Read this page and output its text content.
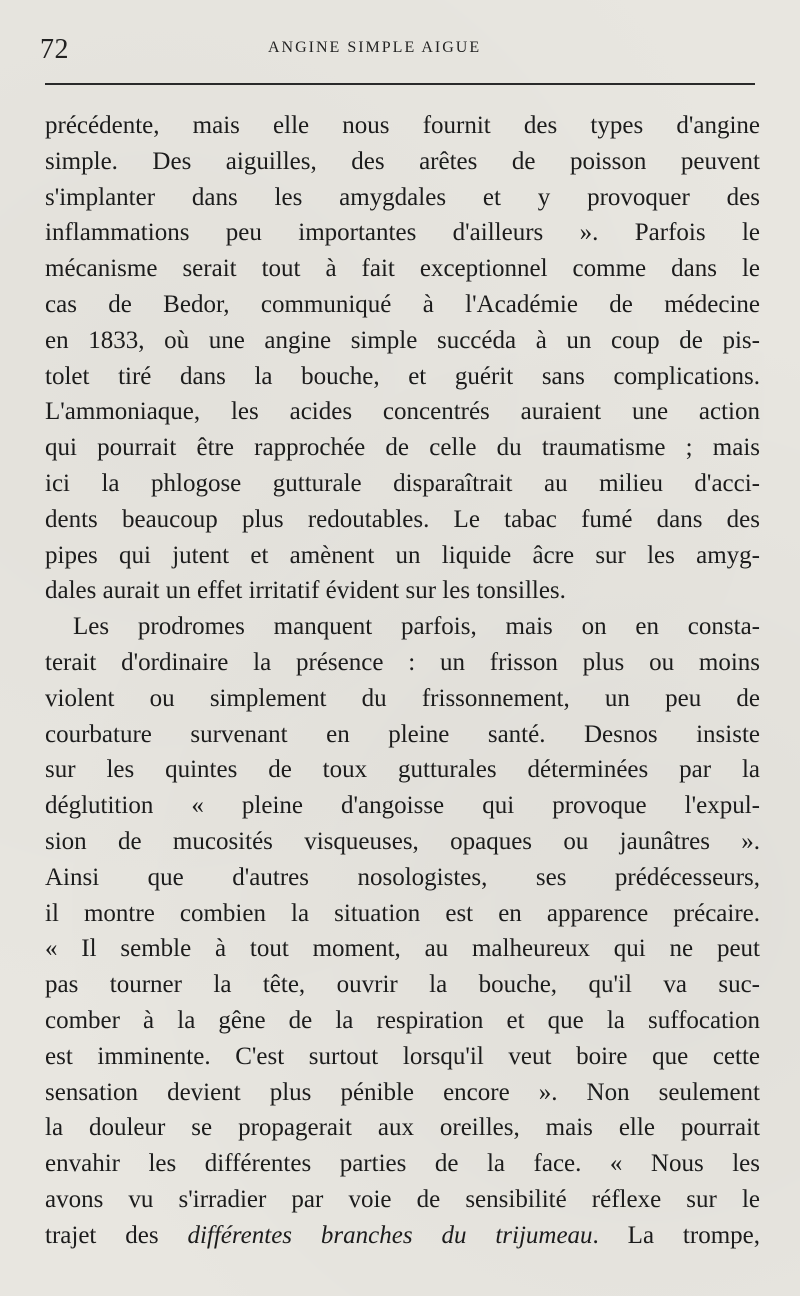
72	ANGINE SIMPLE AIGUE
précédente, mais elle nous fournit des types d'angine
simple. Des aiguilles, des arêtes de poisson peuvent
s'implanter dans les amygdales et y provoquer des
inflammations peu importantes d'ailleurs ». Parfois le
mécanisme serait tout à fait exceptionnel comme dans le
cas de Bedor, communiqué à l'Académie de médecine
en 1833, où une angine simple succéda à un coup de pis-
tolet tiré dans la bouche, et guérit sans complications.
L'ammoniaque, les acides concentrés auraient une action
qui pourrait être rapprochée de celle du traumatisme ; mais
ici la phlogose gutturale disparaîtrait au milieu d'acci-
dents beaucoup plus redoutables. Le tabac fumé dans des
pipes qui jutent et amènent un liquide âcre sur les amyg-
dales aurait un effet irritatif évident sur les tonsilles.
Les prodromes manquent parfois, mais on en consta-
terait d'ordinaire la présence : un frisson plus ou moins
violent ou simplement du frissonnement, un peu de
courbature survenant en pleine santé. Desnos insiste
sur les quintes de toux gutturales déterminées par la
déglutition « pleine d'angoisse qui provoque l'expul-
sion de mucosités visqueuses, opaques ou jaunâtres ».
Ainsi que d'autres nosologistes, ses prédécesseurs,
il montre combien la situation est en apparence précaire.
« Il semble à tout moment, au malheureux qui ne peut
pas tourner la tête, ouvrir la bouche, qu'il va suc-
comber à la gêne de la respiration et que la suffocation
est imminente. C'est surtout lorsqu'il veut boire que cette
sensation devient plus pénible encore ». Non seulement
la douleur se propagerait aux oreilles, mais elle pourrait
envahir les différentes parties de la face. « Nous les
avons vu s'irradier par voie de sensibilité réflexe sur le
trajet des différentes branches du trijumeau. La trompe,
